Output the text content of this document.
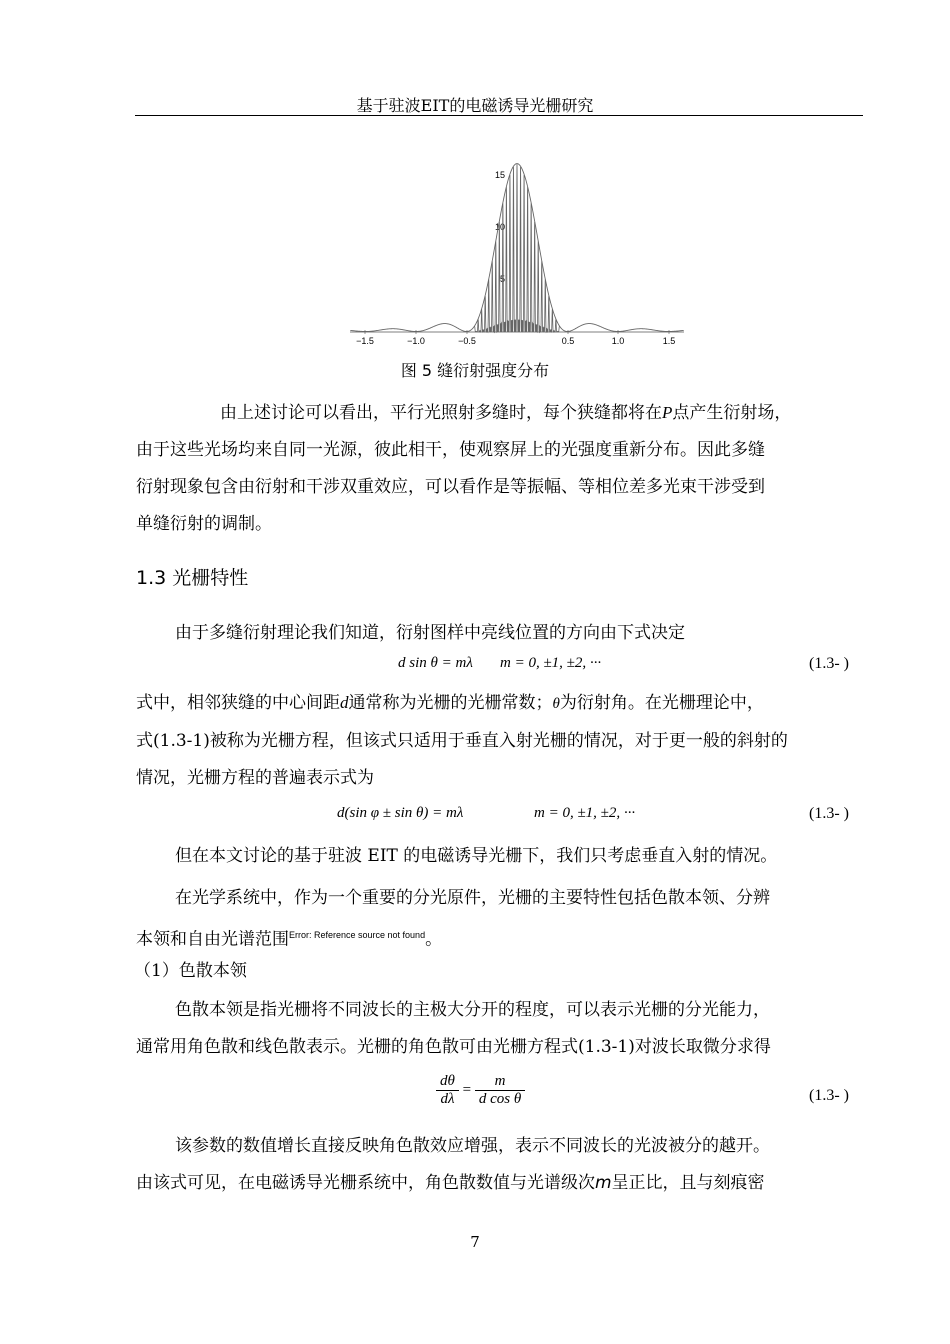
基于驻波EIT的电磁诱导光栅研究
15
10
5
−1.5	−1.0	−0.5	0.5	1.0	1.5
图 5 缝衍射强度分布

由上述讨论可以看出，平行光照射多缝时，每个狭缝都将在P点产生衍射场，

由于这些光场均来自同一光源，彼此相干，使观察屏上的光强度重新分布。因此多缝

衍射现象包含由衍射和干涉双重效应，可以看作是等振幅、等相位差多光束干涉受到

单缝衍射的调制。

1.3 光栅特性
由于多缝衍射理论我们知道，衍射图样中亮线位置的方向由下式决定
d sin θ = mλ m = 0, ±1, ±2, ···	(1.3- )

式中，相邻狭缝的中心间距d通常称为光栅的光栅常数；θ为衍射角。在光栅理论中，

式(1.3-1)被称为光栅方程，但该式只适用于垂直入射光栅的情况，对于更一般的斜射的

情况，光栅方程的普遍表示式为

d(sin φ ± sin θ) = mλ	m = 0, ±1, ±2, ···	(1.3- )
但在本文讨论的基于驻波 EIT 的电磁诱导光栅下，我们只考虑垂直入射的情况。

在光学系统中，作为一个重要的分光原件，光栅的主要特性包括色散本领、分辨

本领和自由光谱范围$^{Error: Reference source not found}$。

（1）色散本领

色散本领是指光栅将不同波长的主极大分开的程度，可以表示光栅的分光能力，

通常用角色散和线色散表示。光栅的角色散可由光栅方程式(1.3-1)对波长取微分求得

$\frac{d\theta}{d\lambda} = \frac{m}{\text{d cos θ}}$	(1.3- )

该参数的数值增长直接反映角色散效应增强，表示不同波长的光波被分的越开。

由该式可见，在电磁诱导光栅系统中，角色散数值与光谱级次m呈正比，且与刻痕密

7
